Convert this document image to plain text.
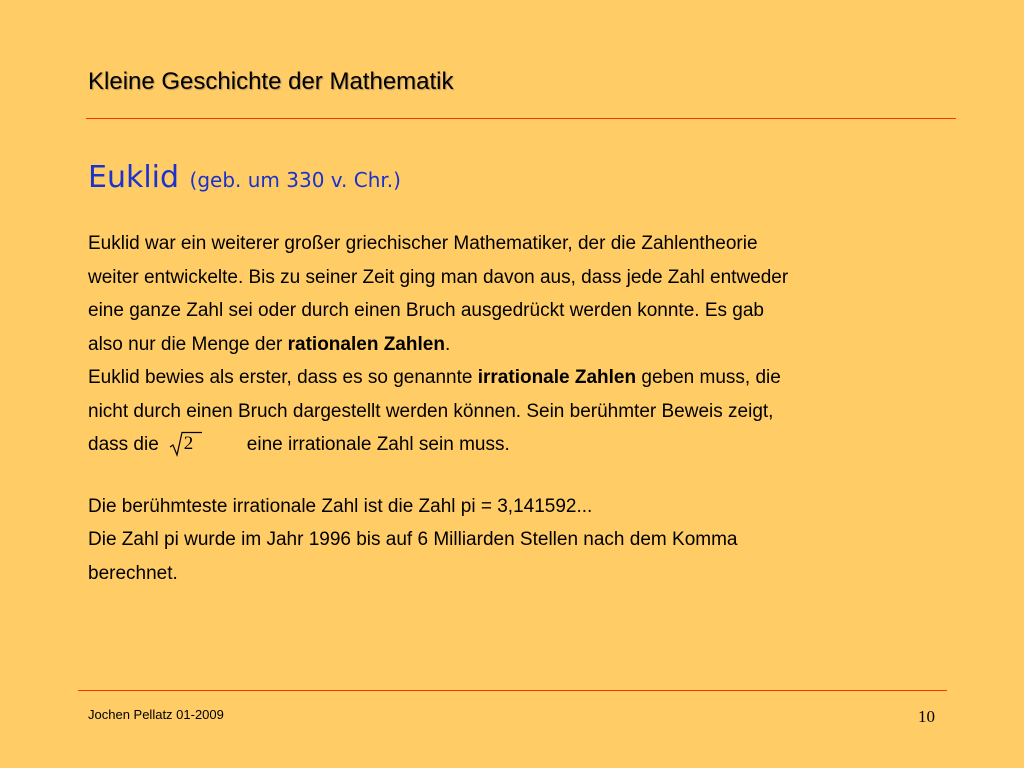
Kleine Geschichte der Mathematik
Euklid (geb. um 330 v. Chr.)

Euklid war ein weiterer großer griechischer Mathematiker, der die Zahlentheorie

weiter entwickelte. Bis zu seiner Zeit ging man davon aus, dass jede Zahl entweder

eine ganze Zahl sei oder durch einen Bruch ausgedrückt werden konnte. Es gab

also nur die Menge der rationalen Zahlen.

Euklid bewies als erster, dass es so genannte irrationale Zahlen geben muss, die

nicht durch einen Bruch dargestellt werden können. Sein berühmter Beweis zeigt,

dass die 2	eine irrationale Zahl sein muss.

Die berühmteste irrationale Zahl ist die Zahl pi = 3,141592...

Die Zahl pi wurde im Jahr 1996 bis auf 6 Milliarden Stellen nach dem Komma

berechnet.

Jochen Pellatz 01-2009	10
